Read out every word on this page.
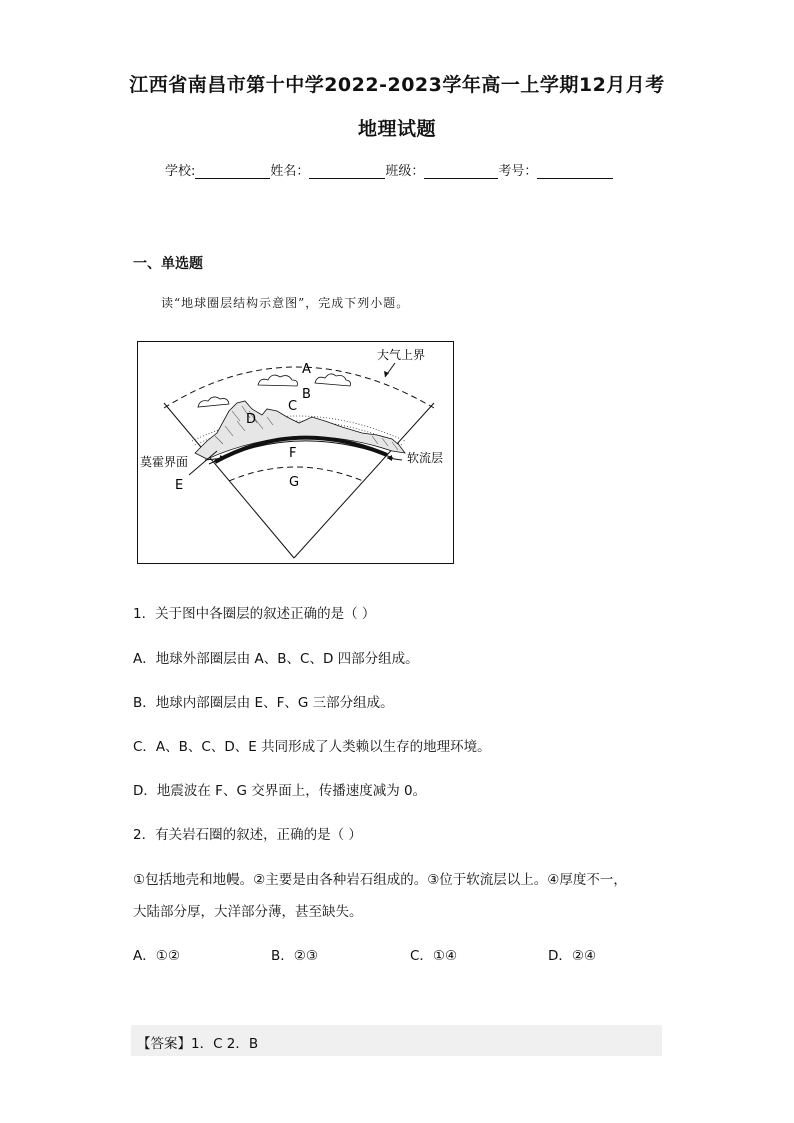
江西省南昌市第十中学2022-2023学年高一上学期12月月考
地理试题
学校:	姓名：	班级：	考号：
一、单选题
读“地球圈层结构示意图”，完成下列小题。
大气上界
莫霍界面	软流层
A
B
C
D
E
F
G
1．关于图中各圈层的叙述正确的是（ ）
A．地球外部圈层由 A、B、C、D 四部分组成。
B．地球内部圈层由 E、F、G 三部分组成。
C．A、B、C、D、E 共同形成了人类赖以生存的地理环境。
D．地震波在 F、G 交界面上，传播速度减为 0。
2．有关岩石圈的叙述，正确的是（ ）
①包括地壳和地幔。②主要是由各种岩石组成的。③位于软流层以上。④厚度不一，
大陆部分厚，大洋部分薄，甚至缺失。
A．①②	B．②③	C．①④	D．②④
【答案】1．C 2．B
